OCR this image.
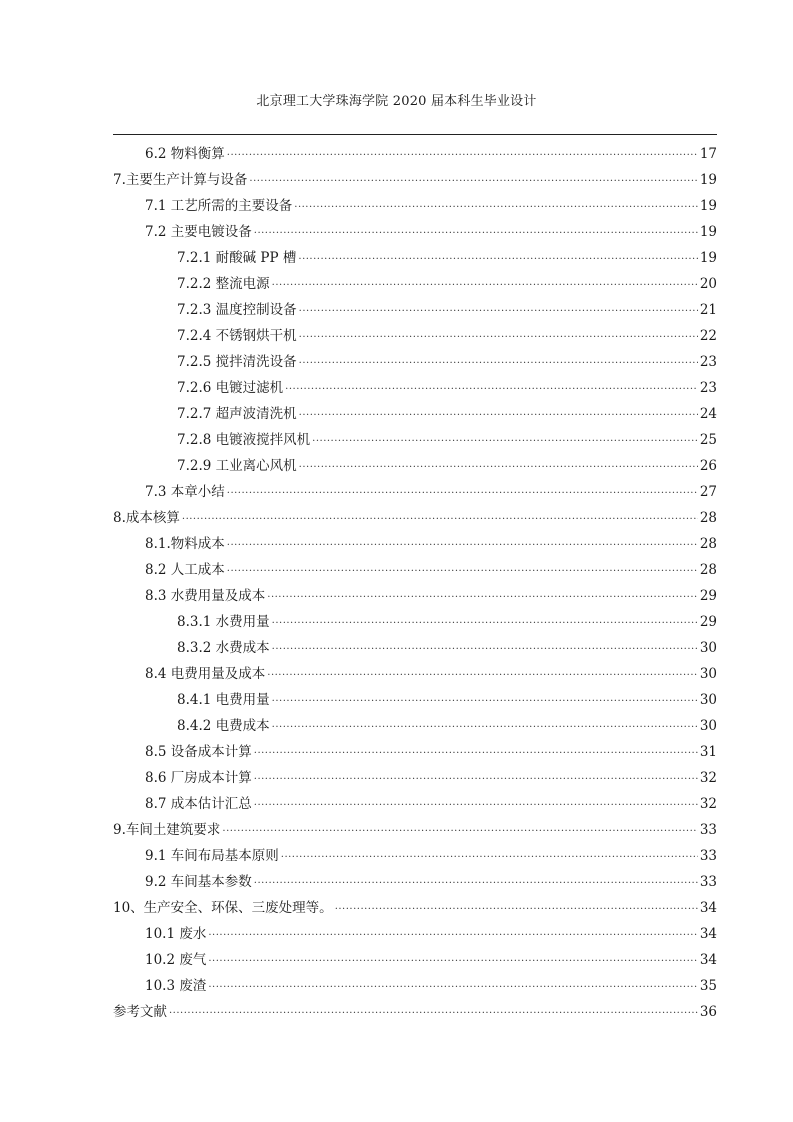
北京理工大学珠海学院 2020 届本科生毕业设计
6.2 物料衡算 .....	17
7.主要生产计算与设备 .....	19
7.1 工艺所需的主要设备 .....	19
7.2 主要电镀设备 .....	19
7.2.1 耐酸碱 PP 槽 .....	19
7.2.2 整流电源 .....	20
7.2.3 温度控制设备 .....	21
7.2.4 不锈钢烘干机 .....	22
7.2.5 搅拌清洗设备 .....	23
7.2.6 电镀过滤机 .....	23
7.2.7 超声波清洗机 .....	24
7.2.8 电镀液搅拌风机 .....	25
7.2.9 工业离心风机 .....	26
7.3 本章小结 .....	27
8.成本核算 .....	28
8.1.物料成本 .....	28
8.2 人工成本 .....	28
8.3 水费用量及成本 .....	29
8.3.1 水费用量 .....	29
8.3.2 水费成本 .....	30
8.4 电费用量及成本 .....	30
8.4.1 电费用量 .....	30
8.4.2 电费成本 .....	30
8.5 设备成本计算 .....	31
8.6 厂房成本计算 .....	32
8.7 成本估计汇总 .....	32
9.车间土建筑要求 .....	33
9.1 车间布局基本原则 .....	33
9.2 车间基本参数 .....	33
10、生产安全、环保、三废处理等。 .....	34
10.1 废水 .....	34
10.2 废气 .....	34
10.3 废渣 .....	35
参考文献 .....	36
